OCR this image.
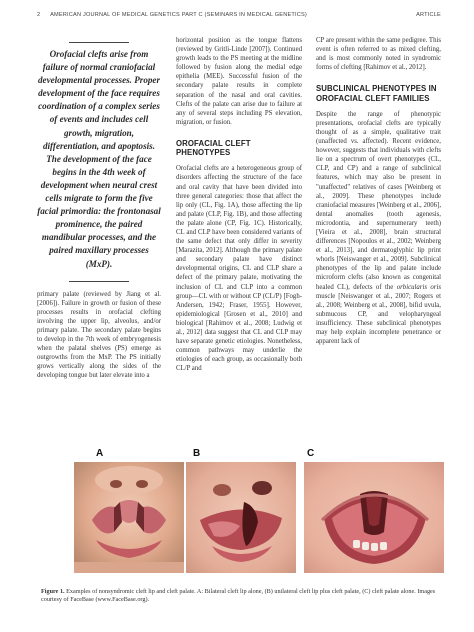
2 AMERICAN JOURNAL OF MEDICAL GENETICS PART C (SEMINARS IN MEDICAL GENETICS)	ARTICLE
Orofacial clefts arise from failure of normal craniofacial developmental processes. Proper development of the face requires coordination of a complex series of events and includes cell growth, migration, differentiation, and apoptosis. The development of the face begins in the 4th week of development when neural crest cells migrate to form the five facial primordia: the frontonasal prominence, the paired mandibular processes, and the paired maxillary processes (MxP).

primary palate (reviewed by Jiang et al. [2006]). Failure in growth or fusion of these processes results in orofacial clefting involving the upper lip, alveolus, and/or primary palate. The secondary palate begins to develop in the 7th week of embryogenesis when the palatal shelves (PS) emerge as outgrowths from the MxP. The PS initially grows vertically along the sides of the developing tongue but later elevate into a

horizontal position as the tongue flattens (reviewed by Gritli-Linde [2007]). Continued growth leads to the PS meeting at the midline followed by fusion along the medial edge epithelia (MEE). Successful fusion of the secondary palate results in complete separation of the nasal and oral cavities. Clefts of the palate can arise due to failure at any of several steps including PS elevation, migration, or fusion.

OROFACIAL CLEFT PHENOTYPES

Orofacial clefts are a heterogeneous group of disorders affecting the structure of the face and oral cavity that have been divided into three general categories: those that affect the lip only (CL, Fig. 1A), those affecting the lip and palate (CLP, Fig. 1B), and those affecting the palate alone (CP, Fig. 1C). Historically, CL and CLP have been considered variants of the same defect that only differ in severity [Marazita, 2012]. Although the primary palate and secondary palate have distinct developmental origins, CL and CLP share a defect of the primary palate, motivating the inclusion of CL and CLP into a common group—CL with or without CP (CL/P) [Fogh-Andersen, 1942; Fraser, 1955]. However, epidemiological [Grosen et al., 2010] and biological [Rahimov et al., 2008; Ludwig et al., 2012] data suggest that CL and CLP may have separate genetic etiologies. Nonetheless, common pathways may underlie the etiologies of each group, as occasionally both CL/P and

CP are present within the same pedigree. This event is often referred to as mixed clefting, and is most commonly noted in syndromic forms of clefting [Rahimov et al., 2012].

SUBCLINICAL PHENOTYPES IN OROFACIAL CLEFT FAMILIES

Despite the range of phenotypic presentations, orofacial clefts are typically thought of as a simple, qualitative trait (unaffected vs. affected). Recent evidence, however, suggests that individuals with clefts lie on a spectrum of overt phenotypes (CL, CLP, and CP) and a range of subclinical features, which may also be present in "unaffected" relatives of cases [Weinberg et al., 2009]. These phenotypes include craniofacial measures [Weinberg et al., 2006], dental anomalies (tooth agenesis, microdontia, and supernumerary teeth) [Vieira et al., 2008], brain structural differences [Nopoulos et al., 2002; Weinberg et al., 2013], and dermatoglyphic lip print whorls [Neiswanger et al., 2009]. Subclinical phenotypes of the lip and palate include microform clefts (also known as congenital healed CL), defects of the orbicularis oris muscle [Neiswanger et al., 2007; Rogers et al., 2008; Weinberg et al., 2008], bifid uvula, submucous CP, and velopharyngeal insufficiency. These subclinical phenotypes may help explain incomplete penetrance or apparent lack of

A	B	C
Figure 1. Examples of nonsyndromic cleft lip and cleft palate. A: Bilateral cleft lip alone, (B) unilateral cleft lip plus cleft palate, (C) cleft palate alone. Images courtesy of FaceBase (www.FaceBase.org).
